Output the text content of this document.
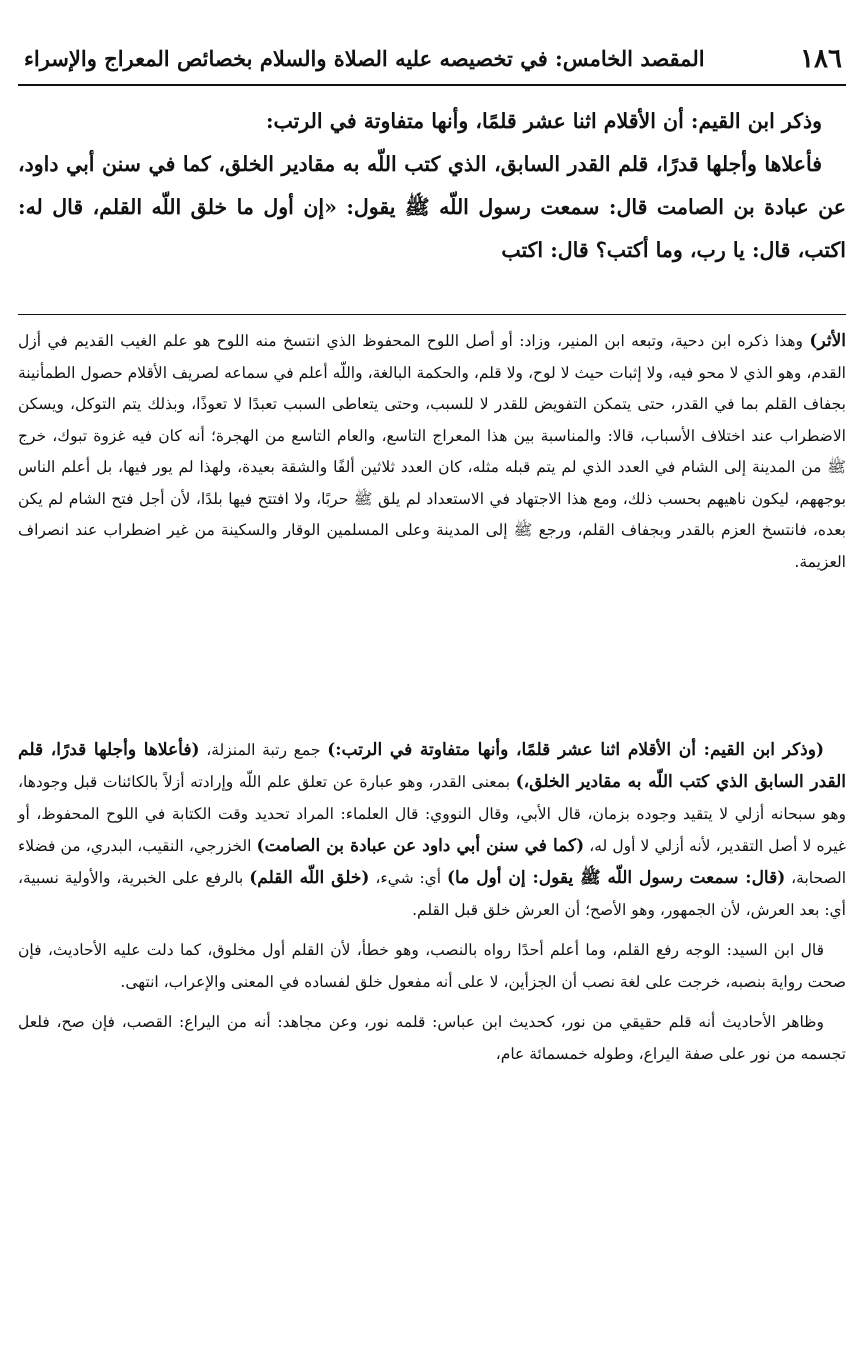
١٨٦
المقصد الخامس: في تخصيصه عليه الصلاة والسلام بخصائص المعراج والإسراء

وذكر ابن القيم: أن الأقلام اثنا عشر قلمًا، وأنها متفاوتة في الرتب:

فأعلاها وأجلها قدرًا، قلم القدر السابق، الذي كتب اللّه به مقادير الخلق، كما في سنن أبي داود، عن عبادة بن الصامت قال: سمعت رسول اللّه ﷺ يقول: «إن أول ما خلق اللّه القلم، قال له: اكتب، قال: يا رب، وما أكتب؟ قال: اكتب

الأثر) وهذا ذكره ابن دحية، وتبعه ابن المنير، وزاد: أو أصل اللوح المحفوظ الذي انتسخ منه اللوح هو علم الغيب القديم في أزل القدم، وهو الذي لا محو فيه، ولا إثبات حيث لا لوح، ولا قلم، والحكمة البالغة، واللّه أعلم في سماعه لصريف الأقلام حصول الطمأنينة بجفاف القلم بما في القدر، حتى يتمكن التفويض للقدر لا للسبب، وحتى يتعاطى السبب تعبدًا لا تعوذًا، وبذلك يتم التوكل، ويسكن الاضطراب عند اختلاف الأسباب، قالا: والمناسبة بين هذا المعراج التاسع، والعام التاسع من الهجرة؛ أنه كان فيه غزوة تبوك، خرج ﷺ من المدينة إلى الشام في العدد الذي لم يتم قبله مثله، كان العدد ثلاثين ألفًا والشقة بعيدة، ولهذا لم يور فيها، بل أعلم الناس بوجههم، ليكون ناهيهم بحسب ذلك، ومع هذا الاجتهاد في الاستعداد لم يلق ﷺ حربًا، ولا افتتح فيها بلدًا، لأن أجل فتح الشام لم يكن بعده، فانتسخ العزم بالقدر وبجفاف القلم، ورجع ﷺ إلى المدينة وعلى المسلمين الوقار والسكينة من غير اضطراب عند انصراف العزيمة.

(وذكر ابن القيم: أن الأقلام اثنا عشر قلمًا، وأنها متفاوتة في الرتب:) جمع رتبة المنزلة، (فأعلاها وأجلها قدرًا، قلم القدر السابق الذي كتب اللّه به مقادير الخلق،) بمعنى القدر، وهو عبارة عن تعلق علم اللّه وإرادته أزلاً بالكائنات قبل وجودها، وهو سبحانه أزلي لا يتقيد وجوده بزمان، قال الأبي، وقال النووي: قال العلماء: المراد تحديد وقت الكتابة في اللوح المحفوظ، أو غيره لا أصل التقدير، لأنه أزلي لا أول له، (كما في سنن أبي داود عن عبادة بن الصامت) الخزرجي، النقيب، البدري، من فضلاء الصحابة، (قال: سمعت رسول اللّه ﷺ يقول: إن أول ما) أي: شيء، (خلق اللّه القلم) بالرفع على الخبرية، والأولية نسبية، أي: بعد العرش، لأن الجمهور، وهو الأصح؛ أن العرش خلق قبل القلم.

قال ابن السيد: الوجه رفع القلم، وما أعلم أحدًا رواه بالنصب، وهو خطأ، لأن القلم أول مخلوق، كما دلت عليه الأحاديث، فإن صحت رواية بنصبه، خرجت على لغة نصب أن الجزأين، لا على أنه مفعول خلق لفساده في المعنى والإعراب، انتهى.

وظاهر الأحاديث أنه قلم حقيقي من نور، كحديث ابن عباس: قلمه نور، وعن مجاهد: أنه من اليراع: القصب، فإن صح، فلعل تجسمه من نور على صفة اليراع، وطوله خمسمائة عام،
